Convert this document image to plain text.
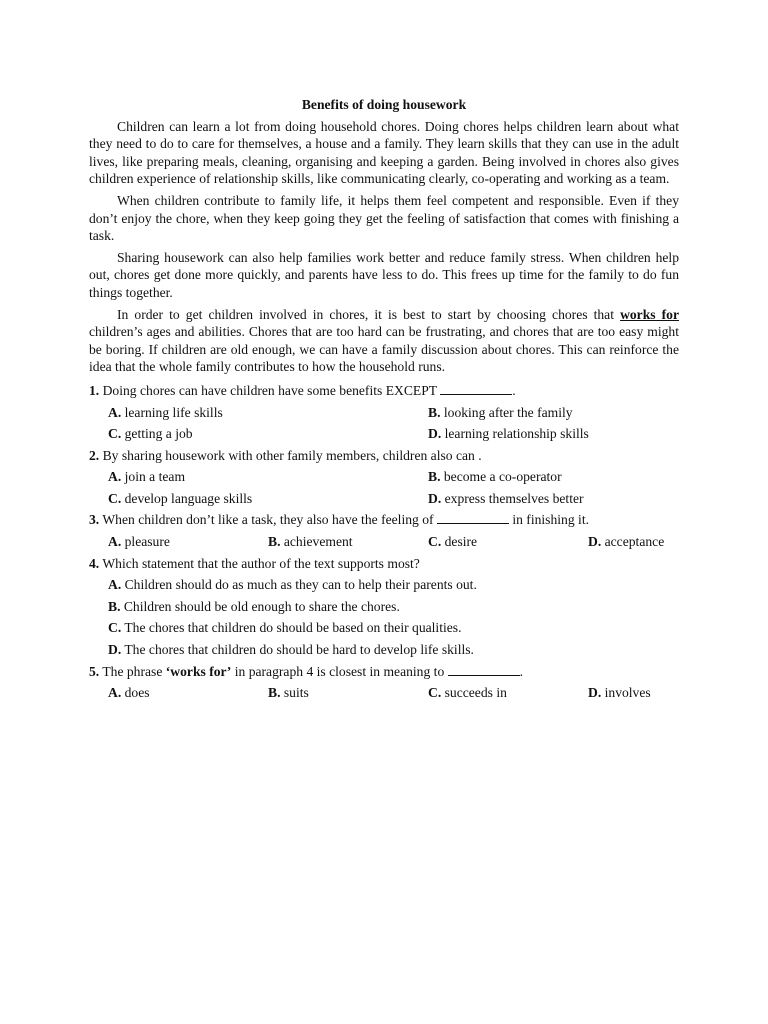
Benefits of doing housework

Children can learn a lot from doing household chores. Doing chores helps children learn about what they need to do to care for themselves, a house and a family. They learn skills that they can use in the adult lives, like preparing meals, cleaning, organising and keeping a garden. Being involved in chores also gives children experience of relationship skills, like communicating clearly, co-operating and working as a team.

When children contribute to family life, it helps them feel competent and responsible. Even if they don’t enjoy the chore, when they keep going they get the feeling of satisfaction that comes with finishing a task.

Sharing housework can also help families work better and reduce family stress. When children help out, chores get done more quickly, and parents have less to do. This frees up time for the family to do fun things together.

In order to get children involved in chores, it is best to start by choosing chores that works for children’s ages and abilities. Chores that are too hard can be frustrating, and chores that are too easy might be boring. If children are old enough, we can have a family discussion about chores. This can reinforce the idea that the whole family contributes to how the household runs.

1. Doing chores can have children have some benefits EXCEPT	.
A. learning life skills	B. looking after the family
C. getting a job	D. learning relationship skills
2. By sharing housework with other family members, children also can .
A. join a team	B. become a co-operator
C. develop language skills	D. express themselves better
3. When children don’t like a task, they also have the feeling of	in finishing it.
A. pleasure	B. achievement	C. desire	D. acceptance
4. Which statement that the author of the text supports most?
A. Children should do as much as they can to help their parents out.
B. Children should be old enough to share the chores.
C. The chores that children do should be based on their qualities.
D. The chores that children do should be hard to develop life skills.
5. The phrase ‘works for’ in paragraph 4 is closest in meaning to	.
A. does	B. suits	C. succeeds in	D. involves
